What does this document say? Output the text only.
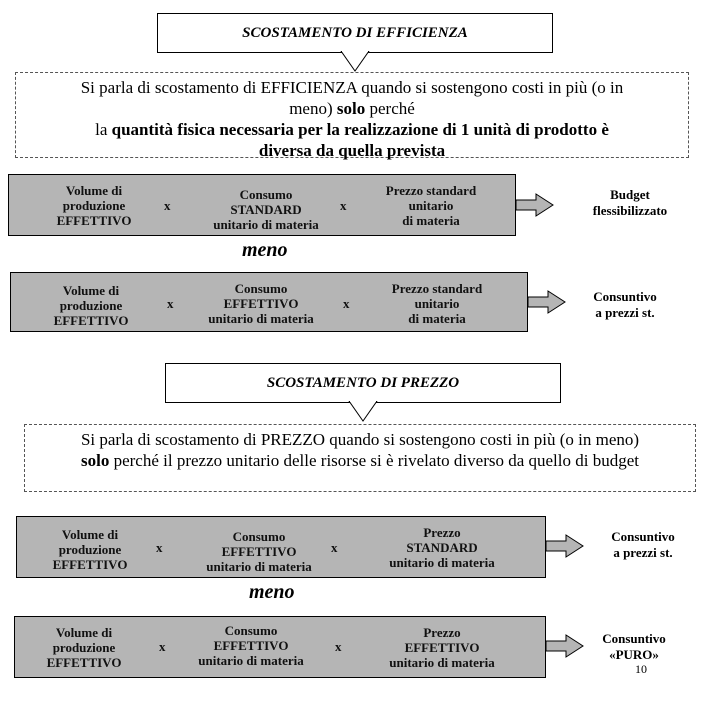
SCOSTAMENTO DI EFFICIENZA
Si parla di scostamento di EFFICIENZA quando si sostengono costi in più (o in
meno) solo perché
la quantità fisica necessaria per la realizzazione di 1 unità di prodotto è
diversa da quella prevista
Volume di
produzione
EFFETTIVO
x
Consumo
STANDARD
unitario di materia
x
Prezzo standard
unitario
di materia
Budget
flessibilizzato
meno
Volume di
produzione
EFFETTIVO
x
Consumo
EFFETTIVO
unitario di materia
x
Prezzo standard
unitario
di materia
Consuntivo
a prezzi st.
SCOSTAMENTO DI PREZZO
Si parla di scostamento di PREZZO quando si sostengono costi in più (o in meno)
solo perché il prezzo unitario delle risorse si è rivelato diverso da quello di budget
Volume di
produzione
EFFETTIVO
x
Consumo
EFFETTIVO
unitario di materia
x
Prezzo
STANDARD
unitario di materia
Consuntivo
a prezzi st.
meno
Volume di
produzione
EFFETTIVO
x
Consumo
EFFETTIVO
unitario di materia
x
Prezzo
EFFETTIVO
unitario di materia
Consuntivo
«PURO»
10
